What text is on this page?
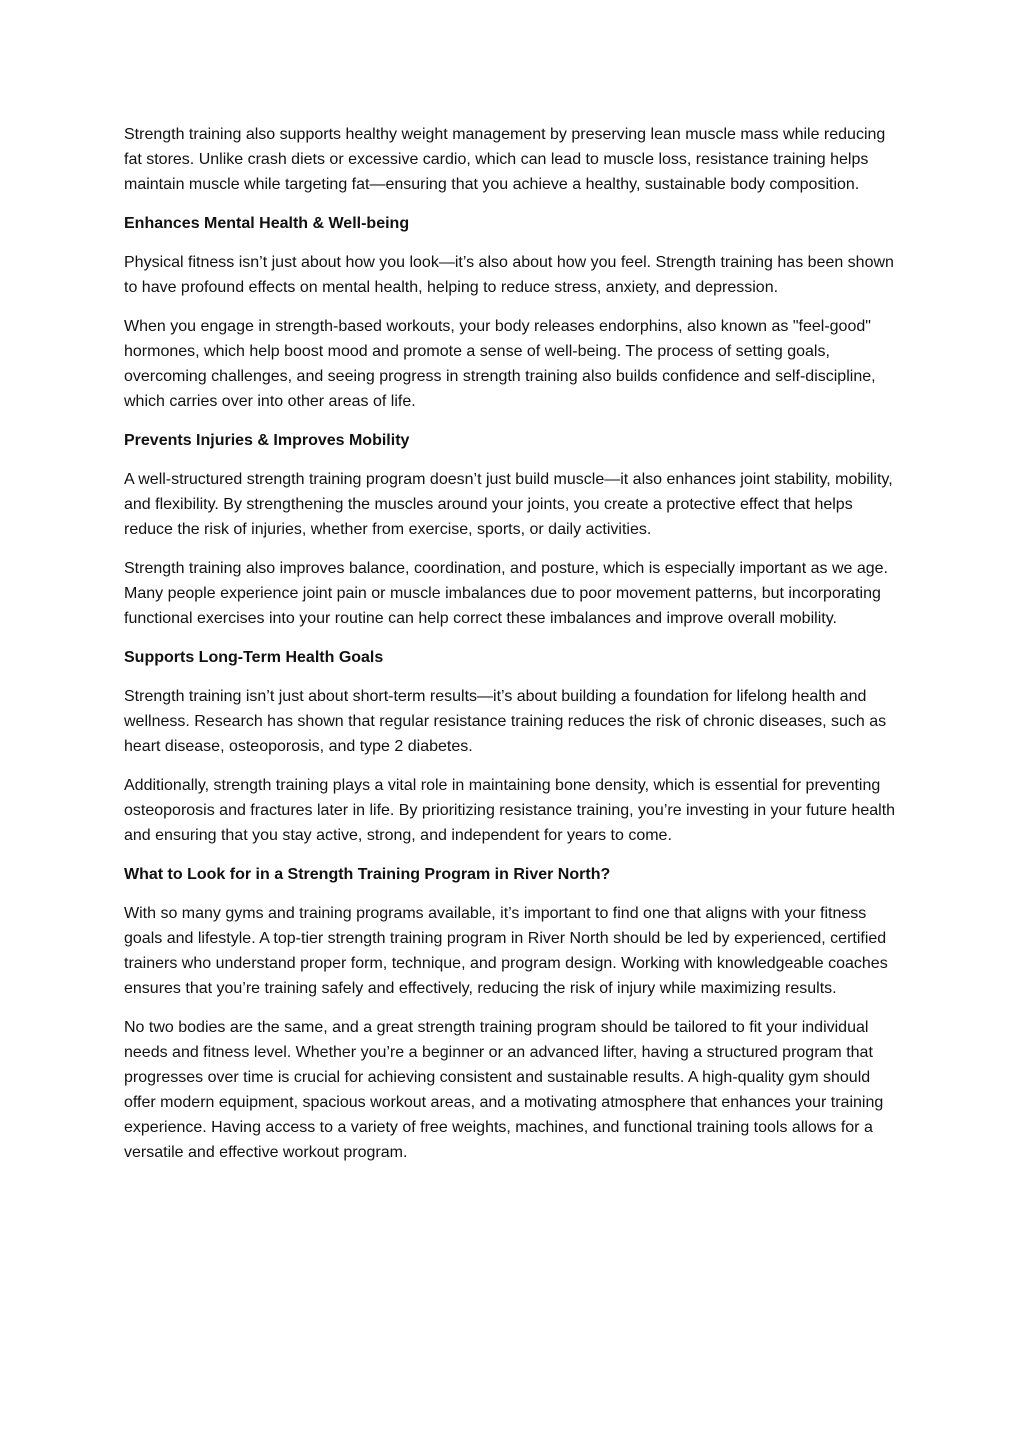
Strength training also supports healthy weight management by preserving lean muscle mass while reducing fat stores. Unlike crash diets or excessive cardio, which can lead to muscle loss, resistance training helps maintain muscle while targeting fat—ensuring that you achieve a healthy, sustainable body composition.

Enhances Mental Health & Well-being

Physical fitness isn’t just about how you look—it’s also about how you feel. Strength training has been shown to have profound effects on mental health, helping to reduce stress, anxiety, and depression.

When you engage in strength-based workouts, your body releases endorphins, also known as "feel-good" hormones, which help boost mood and promote a sense of well-being. The process of setting goals, overcoming challenges, and seeing progress in strength training also builds confidence and self-discipline, which carries over into other areas of life.

Prevents Injuries & Improves Mobility

A well-structured strength training program doesn’t just build muscle—it also enhances joint stability, mobility, and flexibility. By strengthening the muscles around your joints, you create a protective effect that helps reduce the risk of injuries, whether from exercise, sports, or daily activities.

Strength training also improves balance, coordination, and posture, which is especially important as we age. Many people experience joint pain or muscle imbalances due to poor movement patterns, but incorporating functional exercises into your routine can help correct these imbalances and improve overall mobility.

Supports Long-Term Health Goals

Strength training isn’t just about short-term results—it’s about building a foundation for lifelong health and wellness. Research has shown that regular resistance training reduces the risk of chronic diseases, such as heart disease, osteoporosis, and type 2 diabetes.

Additionally, strength training plays a vital role in maintaining bone density, which is essential for preventing osteoporosis and fractures later in life. By prioritizing resistance training, you’re investing in your future health and ensuring that you stay active, strong, and independent for years to come.

What to Look for in a Strength Training Program in River North?

With so many gyms and training programs available, it’s important to find one that aligns with your fitness goals and lifestyle. A top-tier strength training program in River North should be led by experienced, certified trainers who understand proper form, technique, and program design. Working with knowledgeable coaches ensures that you’re training safely and effectively, reducing the risk of injury while maximizing results.

No two bodies are the same, and a great strength training program should be tailored to fit your individual needs and fitness level. Whether you’re a beginner or an advanced lifter, having a structured program that progresses over time is crucial for achieving consistent and sustainable results. A high-quality gym should offer modern equipment, spacious workout areas, and a motivating atmosphere that enhances your training experience. Having access to a variety of free weights, machines, and functional training tools allows for a versatile and effective workout program.
